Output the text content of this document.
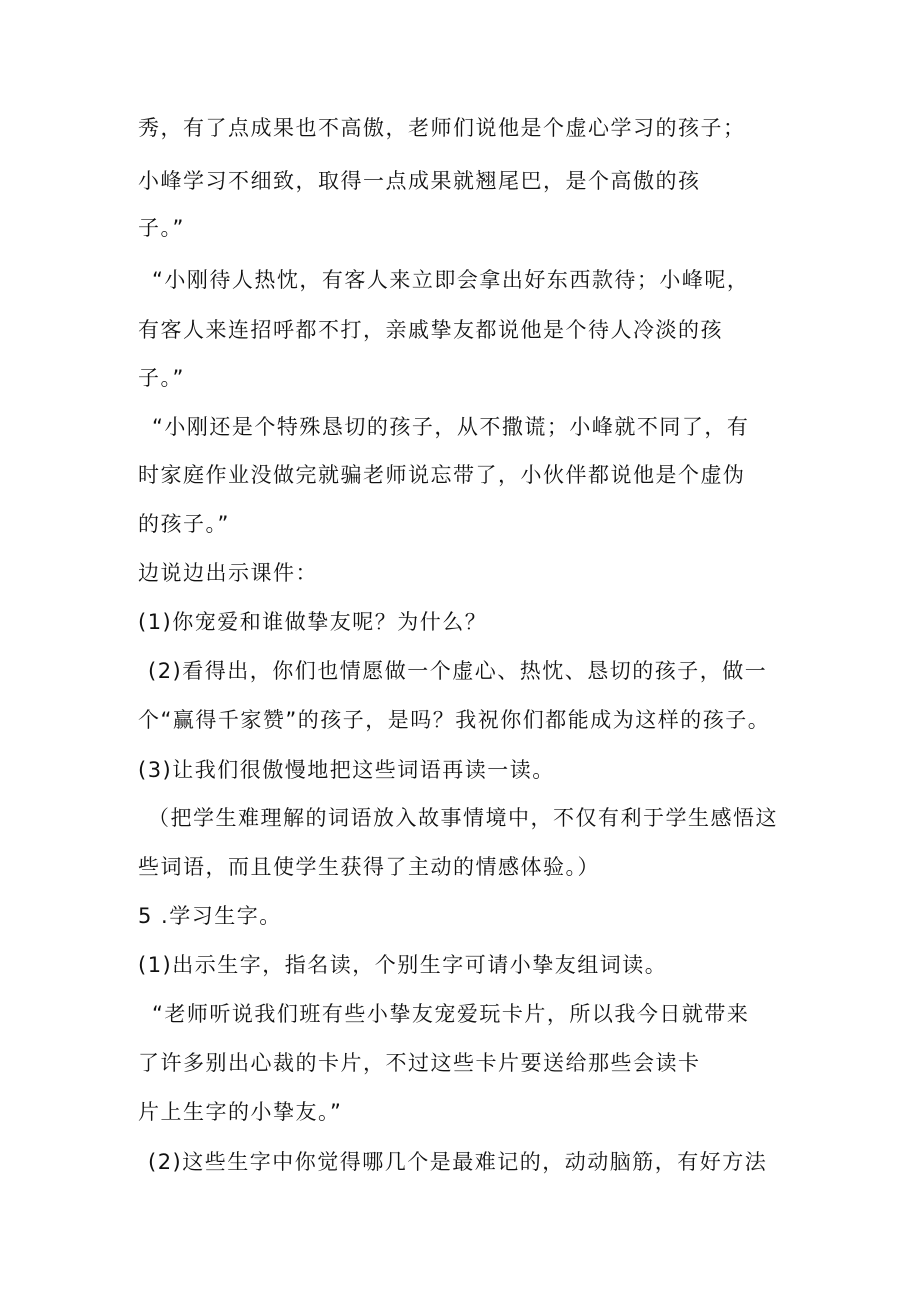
秀，有了点成果也不高傲，老师们说他是个虚心学习的孩子；
小峰学习不细致，取得一点成果就翘尾巴，是个高傲的孩
子。”
“小刚待人热忱，有客人来立即会拿出好东西款待；小峰呢，
有客人来连招呼都不打，亲戚挚友都说他是个待人冷淡的孩
子。”
“小刚还是个特殊恳切的孩子，从不撒谎；小峰就不同了，有
时家庭作业没做完就骗老师说忘带了，小伙伴都说他是个虚伪
的孩子。”
边说边出示课件：
(1)你宠爱和谁做挚友呢？为什么？
(2)看得出，你们也情愿做一个虚心、热忱、恳切的孩子，做一
个“赢得千家赞”的孩子，是吗？我祝你们都能成为这样的孩子。
(3)让我们很傲慢地把这些词语再读一读。
（把学生难理解的词语放入故事情境中，不仅有利于学生感悟这
些词语，而且使学生获得了主动的情感体验。）
5 .学习生字。
(1)出示生字，指名读，个别生字可请小挚友组词读。
“老师听说我们班有些小挚友宠爱玩卡片，所以我今日就带来
了许多别出心裁的卡片，不过这些卡片要送给那些会读卡
片上生字的小挚友。”
(2)这些生字中你觉得哪几个是最难记的，动动脑筋，有好方法
